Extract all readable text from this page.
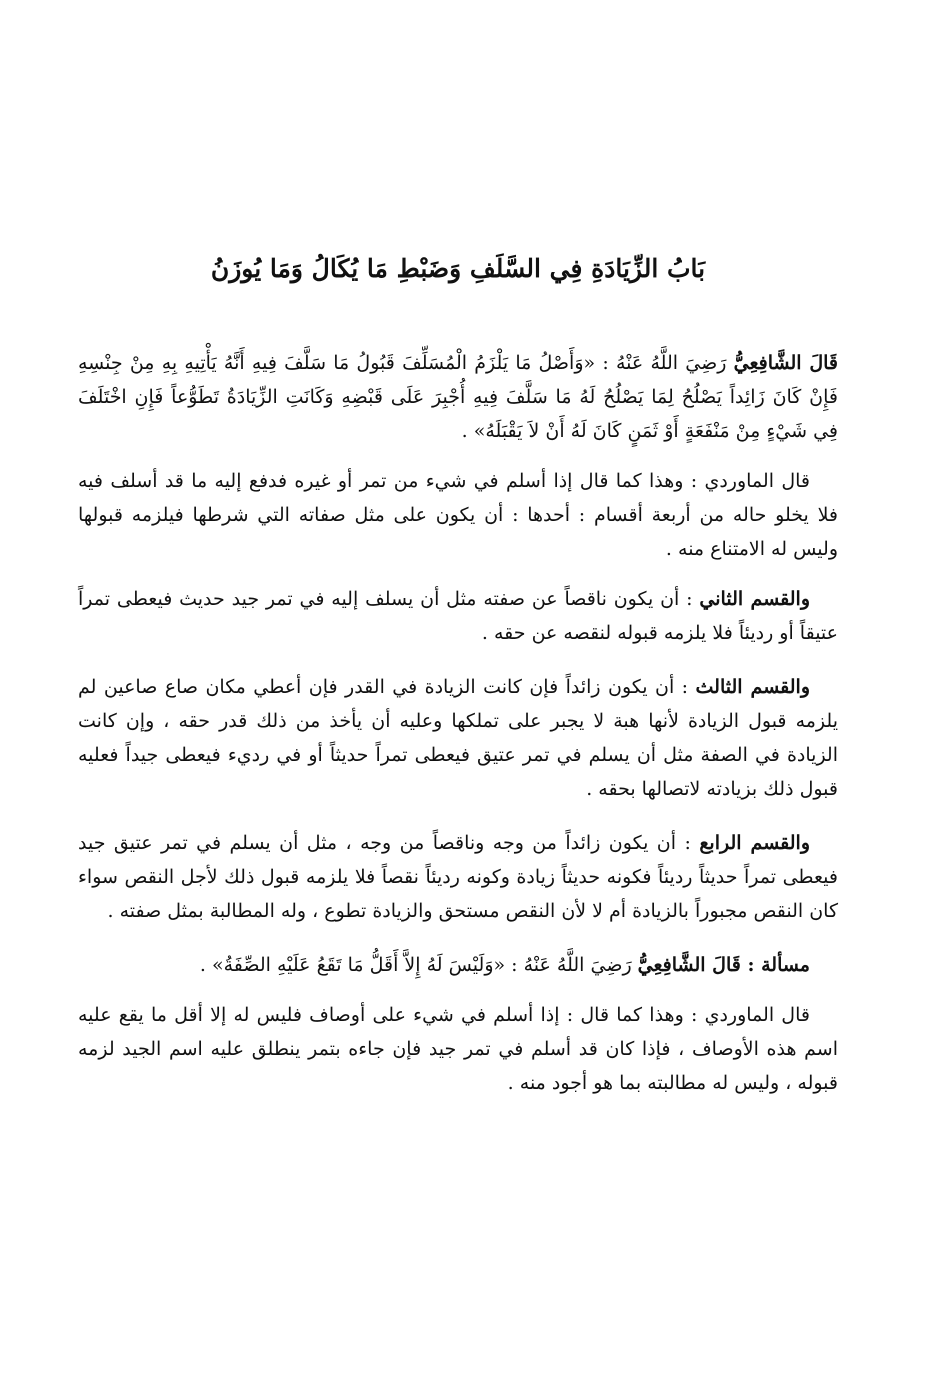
بَابُ الزِّيَادَةِ فِي السَّلَفِ وَضَبْطِ مَا يُكَالُ وَمَا يُوزَنُ

قَالَ الشَّافِعِيُّ رَضِيَ اللَّهُ عَنْهُ : «وَأَصْلُ مَا يَلْزَمُ الْمُسَلِّفَ قَبُولُ مَا سَلَّفَ فِيهِ أَنَّهُ يَأْتِيهِ بِهِ مِنْ جِنْسِهِ فَإِنْ كَانَ زَائِداً يَصْلُحُ لِمَا يَصْلُحُ لَهُ مَا سَلَّفَ فِيهِ أُجْبِرَ عَلَى قَبْضِهِ وَكَانَتِ الزِّيَادَةُ تَطَوُّعاً فَإِنِ اخْتَلَفَ فِي شَيْءٍ مِنْ مَنْفَعَةٍ أَوْ ثَمَنٍ كَانَ لَهُ أَنْ لاَ يَقْبَلَهُ» .

قال الماوردي : وهذا كما قال إذا أسلم في شيء من تمر أو غيره فدفع إليه ما قد أسلف فيه فلا يخلو حاله من أربعة أقسام : أحدها : أن يكون على مثل صفاته التي شرطها فيلزمه قبولها وليس له الامتناع منه .

والقسم الثاني : أن يكون ناقصاً عن صفته مثل أن يسلف إليه في تمر جيد حديث فيعطى تمراً عتيقاً أو رديئاً فلا يلزمه قبوله لنقصه عن حقه .

والقسم الثالث : أن يكون زائداً فإن كانت الزيادة في القدر فإن أعطي مكان صاع صاعين لم يلزمه قبول الزيادة لأنها هبة لا يجبر على تملكها وعليه أن يأخذ من ذلك قدر حقه ، وإن كانت الزيادة في الصفة مثل أن يسلم في تمر عتيق فيعطى تمراً حديثاً أو في رديء فيعطى جيداً فعليه قبول ذلك بزيادته لاتصالها بحقه .

والقسم الرابع : أن يكون زائداً من وجه وناقصاً من وجه ، مثل أن يسلم في تمر عتيق جيد فيعطى تمراً حديثاً رديئاً فكونه حديثاً زيادة وكونه رديئاً نقصاً فلا يلزمه قبول ذلك لأجل النقص سواء كان النقص مجبوراً بالزيادة أم لا لأن النقص مستحق والزيادة تطوع ، وله المطالبة بمثل صفته .

مسألة : قَالَ الشَّافِعِيُّ رَضِيَ اللَّهُ عَنْهُ : «وَلَيْسَ لَهُ إِلاَّ أَقَلُّ مَا تَقَعُ عَلَيْهِ الصِّفَةُ» .

قال الماوردي : وهذا كما قال : إذا أسلم في شيء على أوصاف فليس له إلا أقل ما يقع عليه اسم هذه الأوصاف ، فإذا كان قد أسلم في تمر جيد فإن جاءه بتمر ينطلق عليه اسم الجيد لزمه قبوله ، وليس له مطالبته بما هو أجود منه .
